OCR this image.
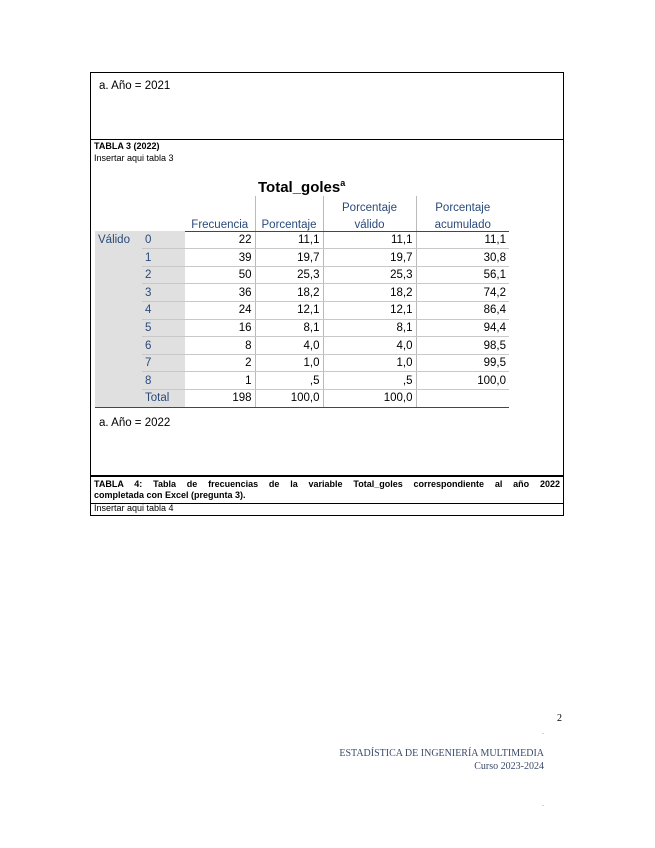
a. Año = 2021
TABLA 3 (2022)
Insertar aqui tabla 3
Total_goles$^a$
				Porcentaje	Porcentaje
		Frecuencia	Porcentaje	válido	acumulado
Válido	0	22	11,1	11,1	11,1
	1	39	19,7	19,7	30,8
	2	50	25,3	25,3	56,1
	3	36	18,2	18,2	74,2
	4	24	12,1	12,1	86,4
	5	16	8,1	8,1	94,4
	6	8	4,0	4,0	98,5
	7	2	1,0	1,0	99,5
	8	1	,5	,5	100,0
	Total	198	100,0	100,0	
a. Año = 2022
TABLA 4: Tabla de frecuencias de la variable Total_goles correspondiente al año 2022
completada con Excel (pregunta 3).
Insertar aqui tabla 4
2
.
ESTADÍSTICA DE INGENIERÍA MULTIMEDIA
Curso 2023-2024
.
